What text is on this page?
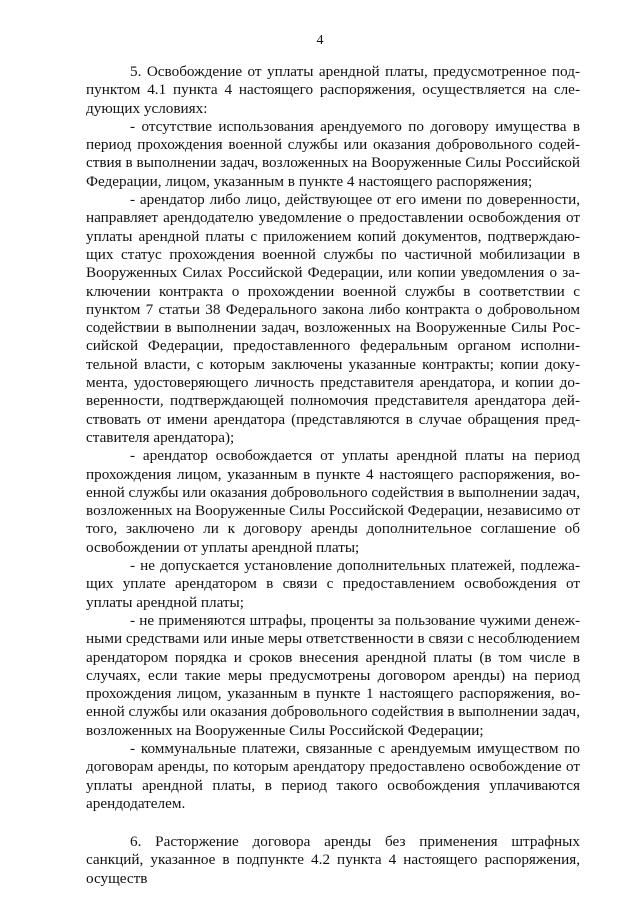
4

5. Освобождение от уплаты арендной платы, предусмотренное подпунктом 4.1 пункта 4 настоящего распоряжения, осуществляется на следующих условиях:

- отсутствие использования арендуемого по договору имущества в период прохождения военной службы или оказания добровольного содействия в выполнении задач, возложенных на Вооруженные Силы Российской Федерации, лицом, указанным в пункте 4 настоящего распоряжения;

- арендатор либо лицо, действующее от его имени по доверенности, направляет арендодателю уведомление о предоставлении освобождения от уплаты арендной платы с приложением копий документов, подтверждающих статус прохождения военной службы по частичной мобилизации в Вооруженных Силах Российской Федерации, или копии уведомления о заключении контракта о прохождении военной службы в соответствии с пунктом 7 статьи 38 Федерального закона либо контракта о добровольном содействии в выполнении задач, возложенных на Вооруженные Силы Российской Федерации, предоставленного федеральным органом исполнительной власти, с которым заключены указанные контракты; копии документа, удостоверяющего личность представителя арендатора, и копии доверенности, подтверждающей полномочия представителя арендатора действовать от имени арендатора (представляются в случае обращения представителя арендатора);

- арендатор освобождается от уплаты арендной платы на период прохождения лицом, указанным в пункте 4 настоящего распоряжения, военной службы или оказания добровольного содействия в выполнении задач, возложенных на Вооруженные Силы Российской Федерации, независимо от того, заключено ли к договору аренды дополнительное соглашение об освобождении от уплаты арендной платы;

- не допускается установление дополнительных платежей, подлежащих уплате арендатором в связи с предоставлением освобождения от уплаты арендной платы;

- не применяются штрафы, проценты за пользование чужими денежными средствами или иные меры ответственности в связи с несоблюдением арендатором порядка и сроков внесения арендной платы (в том числе в случаях, если такие меры предусмотрены договором аренды) на период прохождения лицом, указанным в пункте 1 настоящего распоряжения, военной службы или оказания добровольного содействия в выполнении задач, возложенных на Вооруженные Силы Российской Федерации;

- коммунальные платежи, связанные с арендуемым имуществом по договорам аренды, по которым арендатору предоставлено освобождение от уплаты арендной платы, в период такого освобождения уплачиваются арендодателем.

6. Расторжение договора аренды без применения штрафных санкций, указанное в подпункте 4.2 пункта 4 настоящего распоряжения, осуществ
